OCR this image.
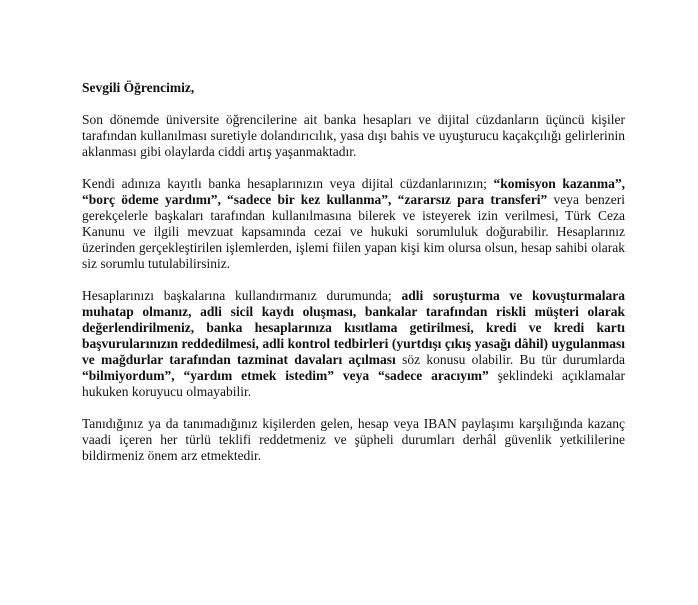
Sevgili Öğrencimiz,

Son dönemde üniversite öğrencilerine ait banka hesapları ve dijital cüzdanların üçüncü kişiler tarafından kullanılması suretiyle dolandırıcılık, yasa dışı bahis ve uyuşturucu kaçakçılığı gelirlerinin aklanması gibi olaylarda ciddi artış yaşanmaktadır.

Kendi adınıza kayıtlı banka hesaplarınızın veya dijital cüzdanlarınızın; “komisyon kazanma”, “borç ödeme yardımı”, “sadece bir kez kullanma”, “zararsız para transferi” veya benzeri gerekçelerle başkaları tarafından kullanılmasına bilerek ve isteyerek izin verilmesi, Türk Ceza Kanunu ve ilgili mevzuat kapsamında cezai ve hukuki sorumluluk doğurabilir. Hesaplarınız üzerinden gerçekleştirilen işlemlerden, işlemi fiilen yapan kişi kim olursa olsun, hesap sahibi olarak siz sorumlu tutulabilirsiniz.

Hesaplarınızı başkalarına kullandırmanız durumunda; adli soruşturma ve kovuşturmalara muhatap olmanız, adli sicil kaydı oluşması, bankalar tarafından riskli müşteri olarak değerlendirilmeniz, banka hesaplarınıza kısıtlama getirilmesi, kredi ve kredi kartı başvurularınızın reddedilmesi, adli kontrol tedbirleri (yurtdışı çıkış yasağı dâhil) uygulanması ve mağdurlar tarafından tazminat davaları açılması söz konusu olabilir. Bu tür durumlarda “bilmiyordum”, “yardım etmek istedim” veya “sadece aracıyım” şeklindeki açıklamalar hukuken koruyucu olmayabilir.

Tanıdığınız ya da tanımadığınız kişilerden gelen, hesap veya IBAN paylaşımı karşılığında kazanç vaadi içeren her türlü teklifi reddetmeniz ve şüpheli durumları derhâl güvenlik yetkililerine bildirmeniz önem arz etmektedir.
